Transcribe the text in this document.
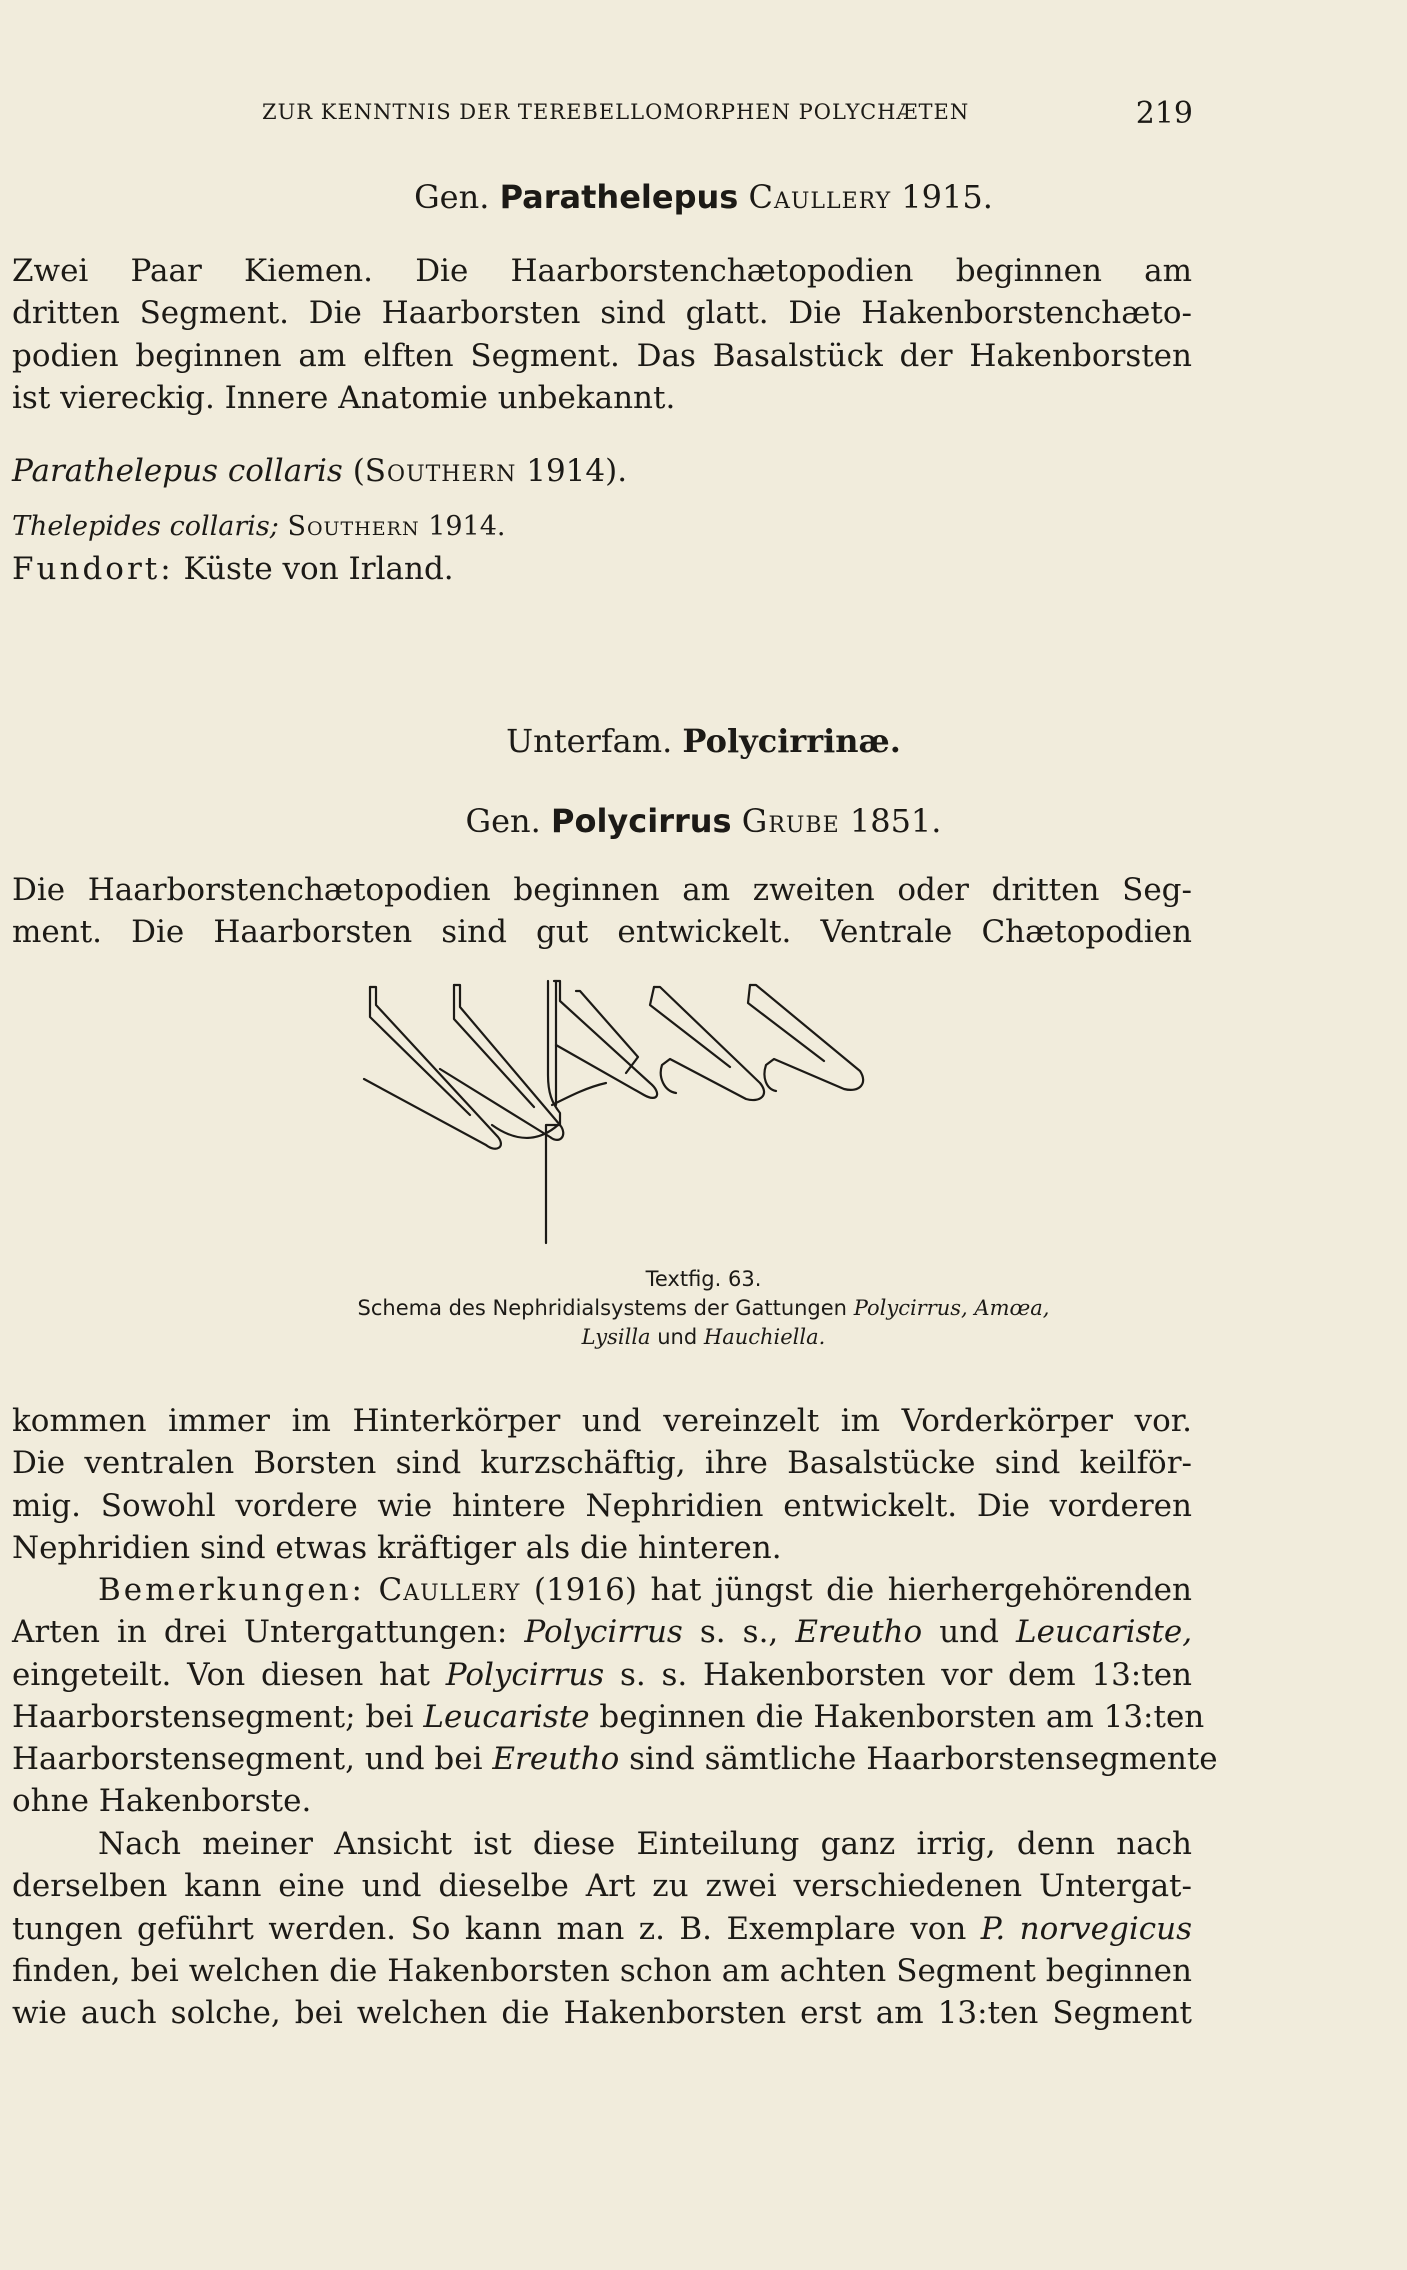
ZUR KENNTNIS DER TEREBELLOMORPHEN POLYCHÆTEN	219
Gen. Parathelepus Caullery 1915.
Zwei Paar Kiemen. Die Haarborstenchætopodien beginnen am
dritten Segment. Die Haarborsten sind glatt. Die Hakenborstenchæto-
podien beginnen am elften Segment. Das Basalstück der Hakenborsten
ist viereckig. Innere Anatomie unbekannt.
Parathelepus collaris (Southern 1914).
Thelepides collaris; Southern 1914.
Fundort: Küste von Irland.
Unterfam. Polycirrinæ.
Gen. Polycirrus Grube 1851.
Die Haarborstenchætopodien beginnen am zweiten oder dritten Seg-
ment. Die Haarborsten sind gut entwickelt. Ventrale Chætopodien
Textfig. 63.
Schema des Nephridialsystems der Gattungen Polycirrus, Amœa,
Lysilla und Hauchiella.
kommen immer im Hinterkörper und vereinzelt im Vorderkörper vor.
Die ventralen Borsten sind kurzschäftig, ihre Basalstücke sind keilför-
mig. Sowohl vordere wie hintere Nephridien entwickelt. Die vorderen
Nephridien sind etwas kräftiger als die hinteren.
Bemerkungen: Caullery (1916) hat jüngst die hierhergehörenden
Arten in drei Untergattungen: Polycirrus s. s., Ereutho und Leucariste,
eingeteilt. Von diesen hat Polycirrus s. s. Hakenborsten vor dem 13:ten
Haarborstensegment; bei Leucariste beginnen die Hakenborsten am 13:ten
Haarborstensegment, und bei Ereutho sind sämtliche Haarborstensegmente
ohne Hakenborste.
Nach meiner Ansicht ist diese Einteilung ganz irrig, denn nach
derselben kann eine und dieselbe Art zu zwei verschiedenen Untergat-
tungen geführt werden. So kann man z. B. Exemplare von P. norvegicus
finden, bei welchen die Hakenborsten schon am achten Segment beginnen
wie auch solche, bei welchen die Hakenborsten erst am 13:ten Segment
